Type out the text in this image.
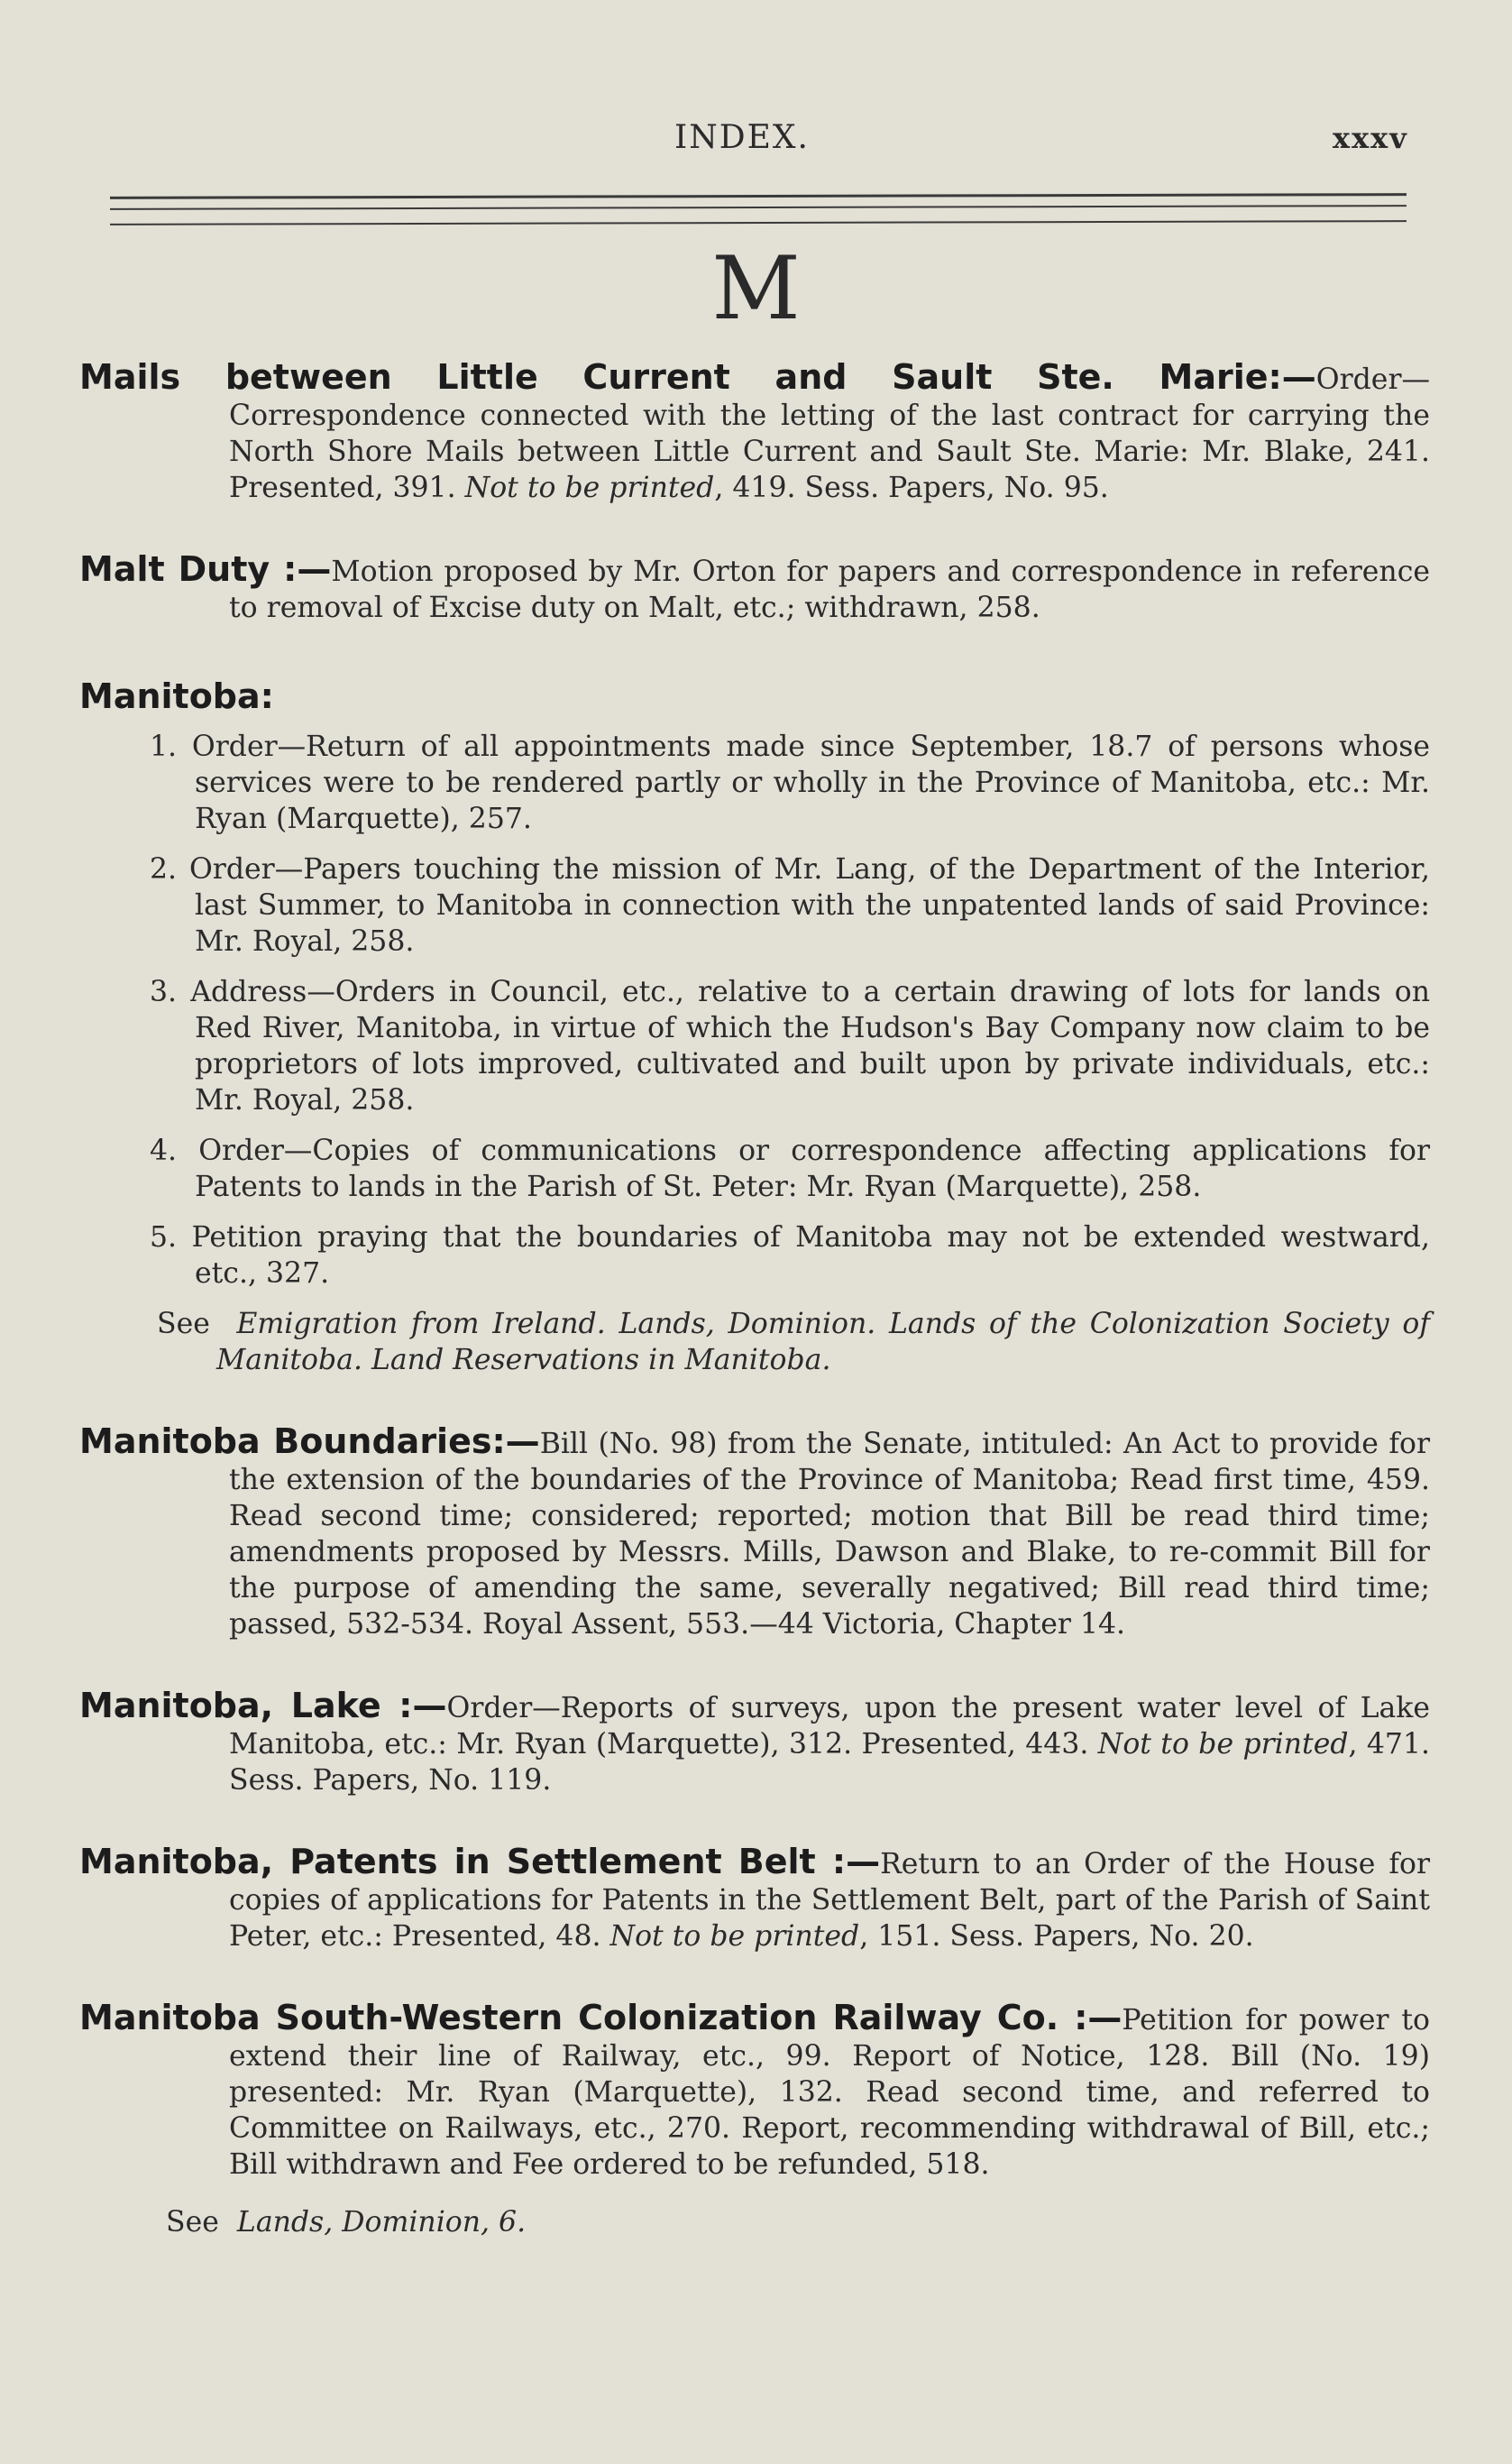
INDEX.	xxxv
M
Mails between Little Current and Sault Ste. Marie:—Order—Correspondence connected with the letting of the last contract for carrying the North Shore Mails between Little Current and Sault Ste. Marie: Mr. Blake, 241. Presented, 391. Not to be printed, 419. Sess. Papers, No. 95.
Malt Duty :—Motion proposed by Mr. Orton for papers and correspondence in reference to removal of Excise duty on Malt, etc.; withdrawn, 258.
Manitoba:
1. Order—Return of all appointments made since September, 18.7 of persons whose services were to be rendered partly or wholly in the Province of Manitoba, etc.: Mr. Ryan (Marquette), 257.
2. Order—Papers touching the mission of Mr. Lang, of the Department of the Interior, last Summer, to Manitoba in connection with the unpatented lands of said Province: Mr. Royal, 258.
3. Address—Orders in Council, etc., relative to a certain drawing of lots for lands on Red River, Manitoba, in virtue of which the Hudson's Bay Company now claim to be proprietors of lots improved, cultivated and built upon by private individuals, etc.: Mr. Royal, 258.
4. Order—Copies of communications or correspondence affecting applications for Patents to lands in the Parish of St. Peter: Mr. Ryan (Marquette), 258.
5. Petition praying that the boundaries of Manitoba may not be extended westward, etc., 327.
See Emigration from Ireland. Lands, Dominion. Lands of the Colonization Society of Manitoba. Land Reservations in Manitoba.
Manitoba Boundaries:—Bill (No. 98) from the Senate, intituled: An Act to provide for the extension of the boundaries of the Province of Manitoba; Read first time, 459. Read second time; considered; reported; motion that Bill be read third time; amendments proposed by Messrs. Mills, Dawson and Blake, to re-commit Bill for the purpose of amending the same, severally negatived; Bill read third time; passed, 532-534. Royal Assent, 553.—44 Victoria, Chapter 14.
Manitoba, Lake :—Order—Reports of surveys, upon the present water level of Lake Manitoba, etc.: Mr. Ryan (Marquette), 312. Presented, 443. Not to be printed, 471. Sess. Papers, No. 119.
Manitoba, Patents in Settlement Belt :—Return to an Order of the House for copies of applications for Patents in the Settlement Belt, part of the Parish of Saint Peter, etc.: Presented, 48. Not to be printed, 151. Sess. Papers, No. 20.
Manitoba South-Western Colonization Railway Co. :—Petition for power to extend their line of Railway, etc., 99. Report of Notice, 128. Bill (No. 19) presented: Mr. Ryan (Marquette), 132. Read second time, and referred to Committee on Railways, etc., 270. Report, recommending withdrawal of Bill, etc.; Bill withdrawn and Fee ordered to be refunded, 518.
See Lands, Dominion, 6.
